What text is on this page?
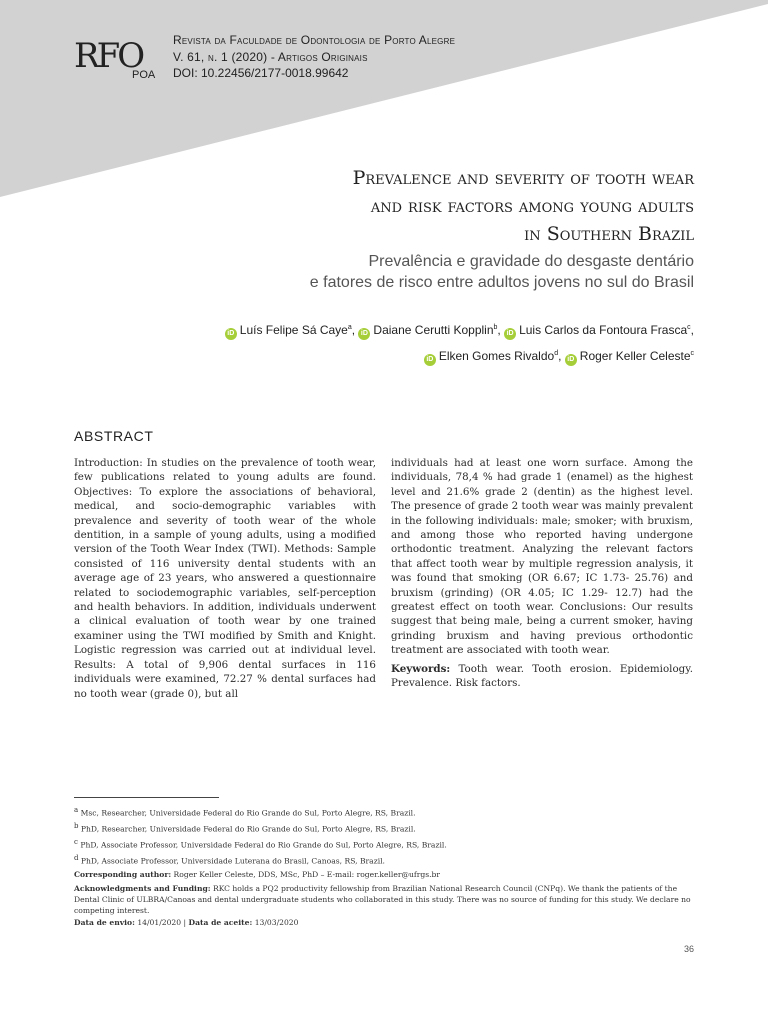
RFO
POA
Revista da Faculdade de Odontologia de Porto Alegre
V. 61, n. 1 (2020) - Artigos Originais
DOI: 10.22456/2177-0018.99642
Prevalence and severity of tooth wear
and risk factors among young adults
in Southern Brazil
Prevalência e gravidade do desgaste dentário
e fatores de risco entre adultos jovens no sul do Brasil
iD Luís Felipe Sá Caye$^a$, iD Daiane Cerutti Kopplin$^b$, iD Luis Carlos da Fontoura Frasca$^c$,
iD Elken Gomes Rivaldo$^d$, iD Roger Keller Celeste$^c$
ABSTRACT
Introduction: In studies on the prevalence of tooth wear, few publications related to young adults are found. Objectives: To explore the associations of behavioral, medical, and socio-demographic variables with prevalence and severity of tooth wear of the whole dentition, in a sample of young adults, using a modified version of the Tooth Wear Index (TWI). Methods: Sample consisted of 116 university dental students with an average age of 23 years, who answered a questionnaire related to sociodemographic variables, self-perception and health behaviors. In addition, individuals underwent a clinical evaluation of tooth wear by one trained examiner using the TWI modified by Smith and Knight. Logistic regression was carried out at individual level. Results: A total of 9,906 dental surfaces in 116 individuals were examined, 72.27 % dental surfaces had no tooth wear (grade 0), but all
individuals had at least one worn surface. Among the individuals, 78,4 % had grade 1 (enamel) as the highest level and 21.6% grade 2 (dentin) as the highest level. The presence of grade 2 tooth wear was mainly prevalent in the following individuals: male; smoker; with bruxism, and among those who reported having undergone orthodontic treatment. Analyzing the relevant factors that affect tooth wear by multiple regression analysis, it was found that smoking (OR 6.67; IC 1.73- 25.76) and bruxism (grinding) (OR 4.05; IC 1.29- 12.7) had the greatest effect on tooth wear. Conclusions: Our results suggest that being male, being a current smoker, having grinding bruxism and having previous orthodontic treatment are associated with tooth wear.
Keywords: Tooth wear. Tooth erosion. Epidemiology. Prevalence. Risk factors.
a Msc, Researcher, Universidade Federal do Rio Grande do Sul, Porto Alegre, RS, Brazil.
b PhD, Researcher, Universidade Federal do Rio Grande do Sul, Porto Alegre, RS, Brazil.
c PhD, Associate Professor, Universidade Federal do Rio Grande do Sul, Porto Alegre, RS, Brazil.
d PhD, Associate Professor, Universidade Luterana do Brasil, Canoas, RS, Brazil.
Corresponding author: Roger Keller Celeste, DDS, MSc, PhD – E-mail: roger.keller@ufrgs.br
Acknowledgments and Funding: RKC holds a PQ2 productivity fellowship from Brazilian National Research Council (CNPq). We thank the patients of the Dental Clinic of ULBRA/Canoas and dental undergraduate students who collaborated in this study. There was no source of funding for this study. We declare no competing interest.
Data de envio: 14/01/2020 | Data de aceite: 13/03/2020
36
